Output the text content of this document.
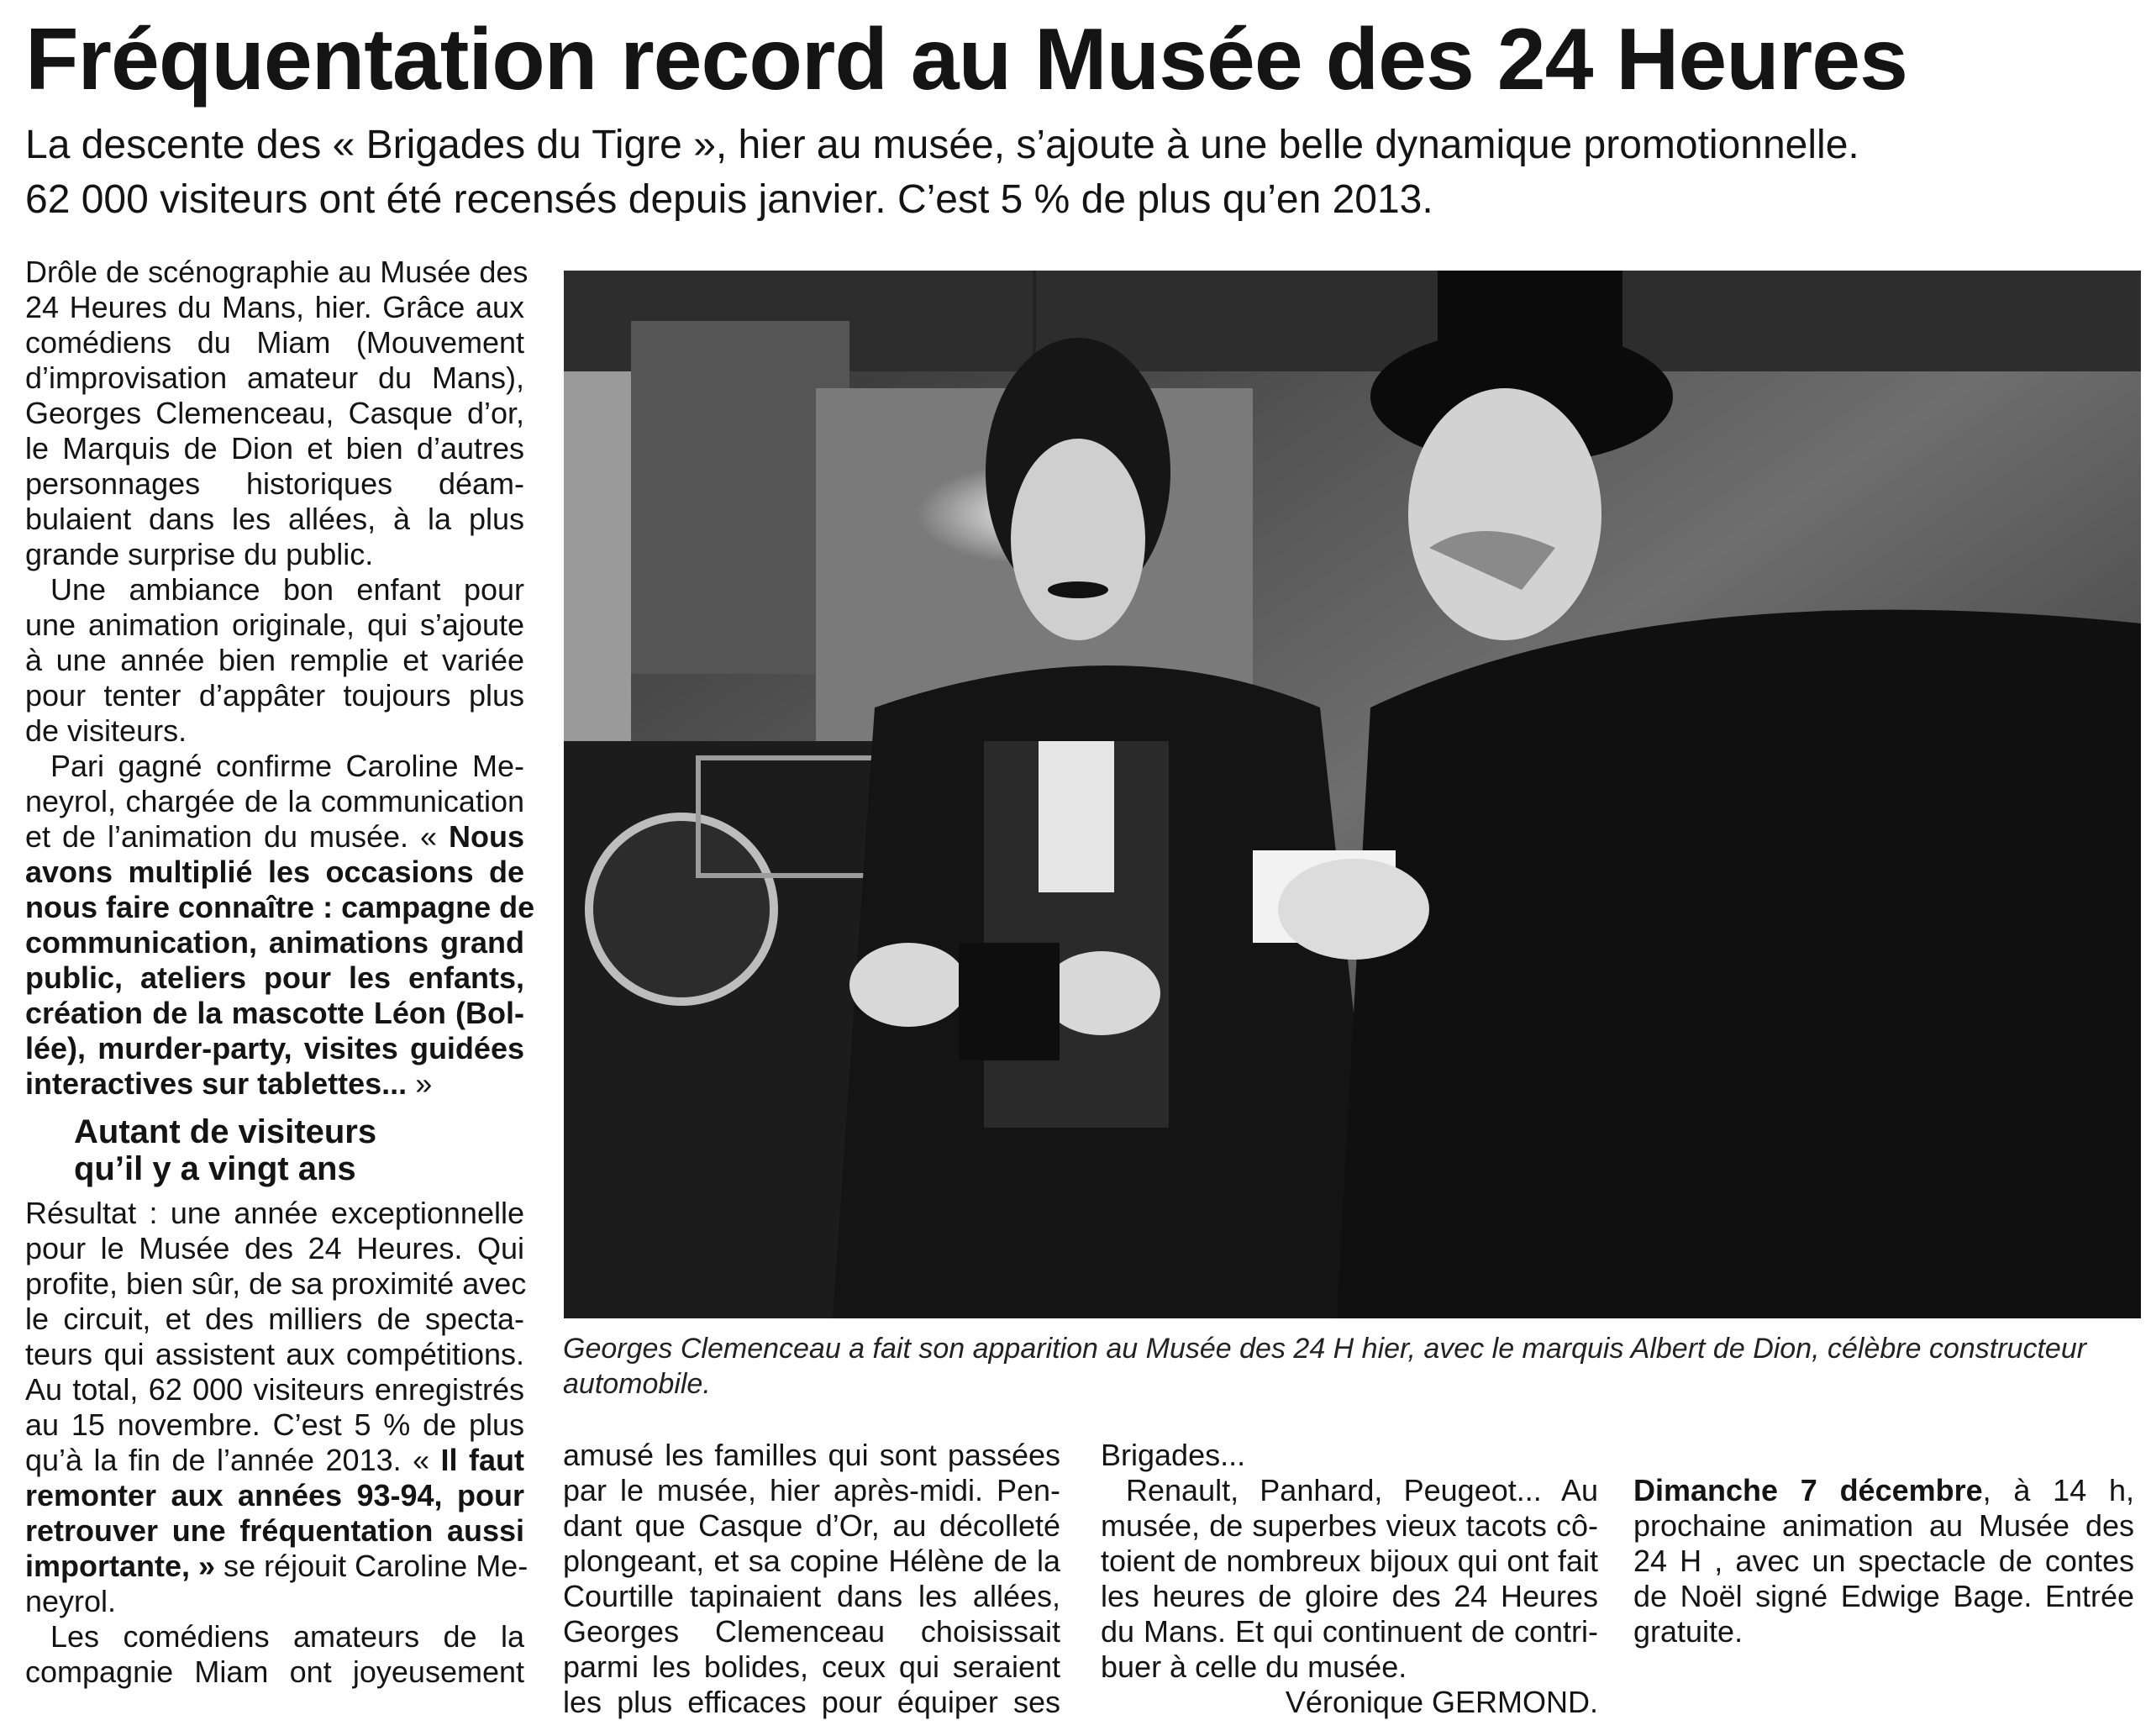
Fréquentation record au Musée des 24 Heures
La descente des « Brigades du Tigre », hier au musée, s’ajoute à une belle dynamique promotionnelle.
62 000 visiteurs ont été recensés depuis janvier. C’est 5 % de plus qu’en 2013.

Drôle de scénographie au Musée des
24 Heures du Mans, hier. Grâce aux
comédiens du Miam (Mouvement
d’improvisation amateur du Mans),
Georges Clemenceau, Casque d’or,
le Marquis de Dion et bien d’autres
personnages historiques déam-
bulaient dans les allées, à la plus
grande surprise du public.

Une ambiance bon enfant pour
une animation originale, qui s’ajoute
à une année bien remplie et variée
pour tenter d’appâter toujours plus
de visiteurs.

Pari gagné confirme Caroline Me-
neyrol, chargée de la communication
et de l’animation du musée. « Nous
avons multiplié les occasions de
nous faire connaître : campagne de
communication, animations grand
public, ateliers pour les enfants,
création de la mascotte Léon (Bol-
lée), murder-party, visites guidées
interactives sur tablettes... »

Autant de visiteurs
qu’il y a vingt ans

Résultat : une année exceptionnelle
pour le Musée des 24 Heures. Qui
profite, bien sûr, de sa proximité avec
le circuit, et des milliers de specta-
teurs qui assistent aux compétitions.
Au total, 62 000 visiteurs enregistrés
au 15 novembre. C’est 5 % de plus
qu’à la fin de l’année 2013. « Il faut
remonter aux années 93-94, pour
retrouver une fréquentation aussi
importante, » se réjouit Caroline Me-
neyrol.

Les comédiens amateurs de la
compagnie Miam ont joyeusement

Georges Clemenceau a fait son apparition au Musée des 24 H hier, avec le marquis Albert de Dion, célèbre constructeur
automobile.
amusé les familles qui sont passées
par le musée, hier après-midi. Pen-
dant que Casque d’Or, au décolleté
plongeant, et sa copine Hélène de la
Courtille tapinaient dans les allées,
Georges Clemenceau choisissait
parmi les bolides, ceux qui seraient
les plus efficaces pour équiper ses
Brigades...
Renault, Panhard, Peugeot... Au
musée, de superbes vieux tacots cô-
toient de nombreux bijoux qui ont fait
les heures de gloire des 24 Heures
du Mans. Et qui continuent de contri-
buer à celle du musée.
Véronique GERMOND.
Dimanche 7 décembre, à 14 h,
prochaine animation au Musée des
24 H , avec un spectacle de contes
de Noël signé Edwige Bage. Entrée
gratuite.
